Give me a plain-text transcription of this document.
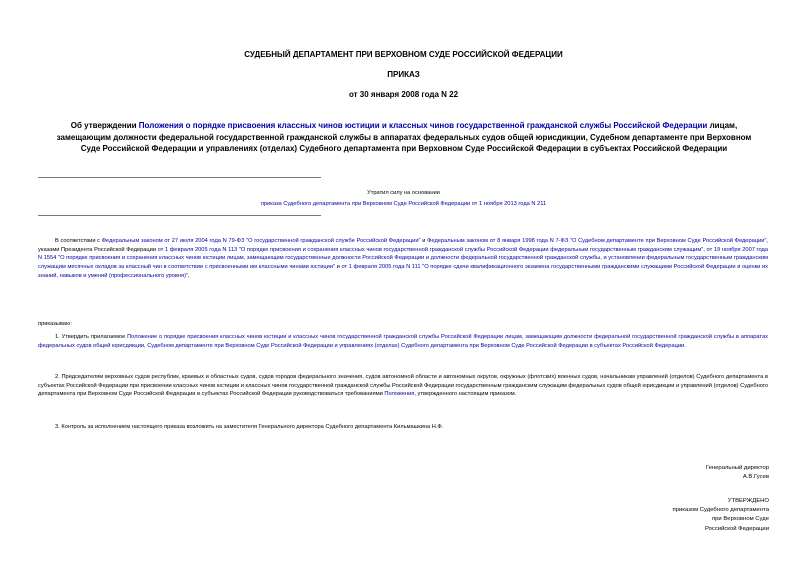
СУДЕБНЫЙ ДЕПАРТАМЕНТ ПРИ ВЕРХОВНОМ СУДЕ РОССИЙСКОЙ ФЕДЕРАЦИИ
ПРИКАЗ
от 30 января 2008 года N 22
Об утверждении Положения о порядке присвоения классных чинов юстиции и классных чинов государственной гражданской службы Российской Федерации лицам, замещающим должности федеральной государственной гражданской службы в аппаратах федеральных судов общей юрисдикции, Судебном департаменте при Верховном Суде Российской Федерации и управлениях (отделах) Судебного департамента при Верховном Суде Российской Федерации в субъектах Российской Федерации
Утратил силу на основании
приказа Судебного департамента при Верховном Суде Российской Федерации от 1 ноября 2013 года N 211
В соответствии с Федеральным законом от 27 июля 2004 года N 79-ФЗ "О государственной гражданской службе Российской Федерации" и Федеральным законом от 8 января 1998 года N 7-ФЗ "О Судебном департаменте при Верховном Суде Российской Федерации", указами Президента Российской Федерации от 1 февраля 2005 года N 113 "О порядке присвоения и сохранения классных чинов государственной гражданской службы Российской Федерации федеральным государственным гражданским служащим", от 19 ноября 2007 года N 1554 "О порядке присвоения и сохранения классных чинов юстиции лицам, замещающим государственные должности Российской Федерации и должности федеральной государственной гражданской службы, и установлении федеральным государственным гражданским служащим месячных окладов за классный чин в соответствии с присвоенными им классными чинами юстиции" и от 1 февраля 2005 года N 111 "О порядке сдачи квалификационного экзамена государственными гражданскими служащими Российской Федерации и оценки их знаний, навыков и умений (профессионального уровня)",
приказываю:
1. Утвердить прилагаемое Положение о порядке присвоения классных чинов юстиции и классных чинов государственной гражданской службы Российской Федерации лицам, замещающим должности федеральной государственной гражданской службы в аппаратах федеральных судов общей юрисдикции, Судебном департаменте при Верховном Суде Российской Федерации и управлениях (отделах) Судебного департамента при Верховном Суде Российской Федерации в субъектах Российской Федерации.
2. Председателям верховных судов республик, краевых и областных судов, судов городов федерального значения, судов автономной области и автономных округов, окружных (флотских) военных судов, начальникам управлений (отделов) Судебного департамента в субъектах Российской Федерации при присвоении классных чинов юстиции и классных чинов государственной гражданской службы Российской Федерации государственным гражданским служащим федеральных судов общей юрисдикции и управлений (отделов) Судебного департамента при Верховном Суде Российской Федерации в субъектах Российской Федерации руководствоваться требованиями Положения, утвержденного настоящим приказом.
3. Контроль за исполнением настоящего приказа возложить на заместителя Генерального директора Судебного департамента Кильмашкина Н.Ф.
Генеральный директор
А.В.Гусев
УТВЕРЖДЕНО
приказом Судебного департамента
при Верховном Суде
Российской Федерации
